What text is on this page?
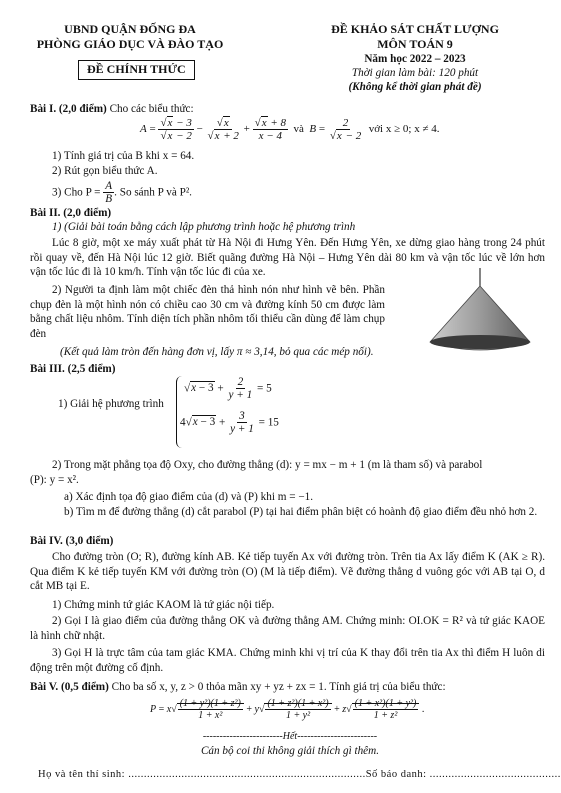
UBND QUẬN ĐỐNG ĐA
PHÒNG GIÁO DỤC VÀ ĐÀO TẠO
ĐỀ CHÍNH THỨC
ĐỀ KHẢO SÁT CHẤT LƯỢNG
MÔN TOÁN 9
Năm học 2022 – 2023
Thời gian làm bài: 120 phút
(Không kể thời gian phát đề)
Bài I. (2,0 điểm) Cho các biểu thức:
$A = \frac{√x - 3}{√x - 2} - \frac{√x}{√x + 2} + \frac{√x + 8}{x - 4}$ và $B = \frac{2}{√x - 2}$ với x ≥ 0; x ≠ 4.
1) Tính giá trị của B khi x = 64.
2) Rút gọn biểu thức A.
3) Cho $P = \frac{A}{B}$ . So sánh P và P².
Bài II. (2,0 điểm)
1) (Giải bài toán bằng cách lập phương trình hoặc hệ phương trình
Lúc 8 giờ, một xe máy xuất phát từ Hà Nội đi Hưng Yên. Đến Hưng Yên, xe dừng giao hàng trong 24 phút rồi quay về, đến Hà Nội lúc 12 giờ. Biết quãng đường Hà Nội – Hưng Yên dài 80 km và vận tốc lúc về lớn hơn vận tốc lúc đi là 10 km/h. Tính vận tốc lúc đi của xe.
2) Người ta định làm một chiếc đèn thả hình nón như hình vẽ bên. Phần chụp đèn là một hình nón có chiều cao 30 cm và đường kính 50 cm được làm bằng chất liệu nhôm. Tính diện tích phần nhôm tối thiểu cần dùng để làm chụp đèn
(Kết quả làm tròn đến hàng đơn vị, lấy π ≈ 3,14, bỏ qua các mép nối).
Bài III. (2,5 điểm)
1) Giải hệ phương trình
$√x - 3 + \frac{2}{y + 1} = 5$
$4√x - 3 + \frac{3}{y + 1} = 15$
2) Trong mặt phẳng tọa độ Oxy, cho đường thẳng (d): y = mx − m + 1 (m là tham số) và parabol
(P): y = x².
a) Xác định tọa độ giao điểm của (d) và (P) khi m = −1.
b) Tìm m để đường thẳng (d) cắt parabol (P) tại hai điểm phân biệt có hoành độ giao điểm đều nhỏ hơn 2.
Bài IV. (3,0 điểm)
Cho đường tròn (O; R), đường kính AB. Kẻ tiếp tuyến Ax với đường tròn. Trên tia Ax lấy điểm K (AK ≥ R). Qua điểm K kẻ tiếp tuyến KM với đường tròn (O) (M là tiếp điểm). Vẽ đường thẳng d vuông góc với AB tại O, d cắt MB tại E.
1) Chứng minh tứ giác KAOM là tứ giác nội tiếp.
2) Gọi I là giao điểm của đường thẳng OK và đường thẳng AM. Chứng minh: OI.OK = R² và tứ giác KAOE là hình chữ nhật.
3) Gọi H là trực tâm của tam giác KMA. Chứng minh khi vị trí của K thay đổi trên tia Ax thì điểm H luôn di động trên một đường cố định.
Bài V. (0,5 điểm) Cho ba số x, y, z > 0 thỏa mãn xy + yz + zx = 1. Tính giá trị của biểu thức:
$P = x√ \frac{\text{(1 + y²)(1 + z²)}}{\text{1 + x²}} + y√ \frac{\text{(1 + z²)(1 + x²)}}{\text{1 + y²}} + z√ \frac{\text{(1 + x²)(1 + y²)}}{\text{1 + z²}}$ .
------------------------Hết------------------------
Cán bộ coi thi không giải thích gì thêm.
Họ và tên thí sinh: ............................................................................Số báo danh: ..........................................
